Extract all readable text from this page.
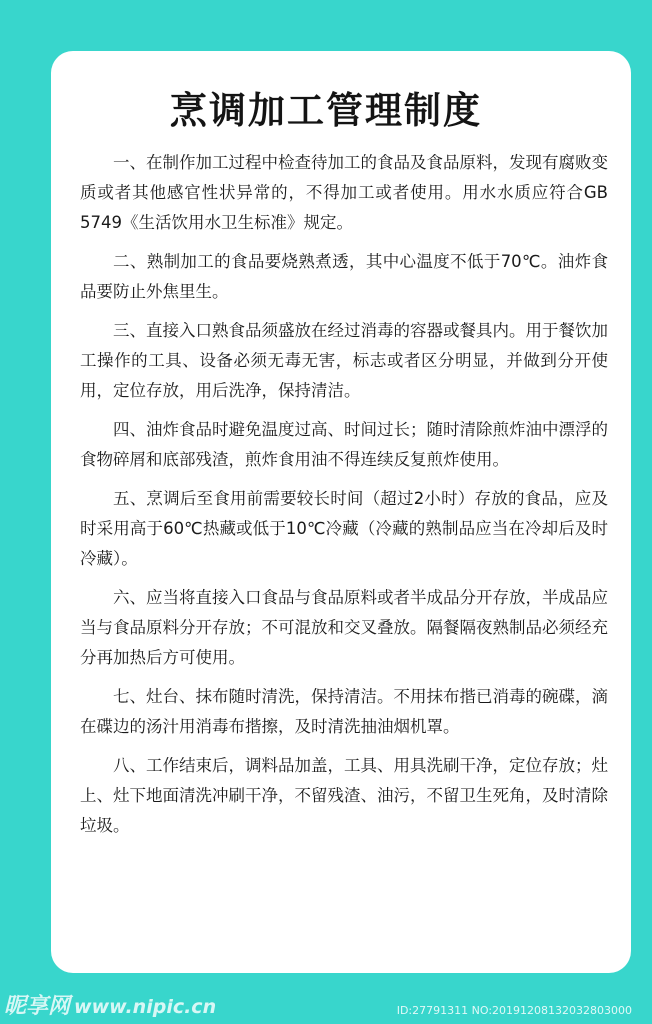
烹调加工管理制度

一、在制作加工过程中检查待加工的食品及食品原料，发现有腐败变质或者其他感官性状异常的，不得加工或者使用。用水水质应符合GB 5749《生活饮用水卫生标准》规定。

二、熟制加工的食品要烧熟煮透，其中心温度不低于70℃。油炸食品要防止外焦里生。

三、直接入口熟食品须盛放在经过消毒的容器或餐具内。用于餐饮加工操作的工具、设备必须无毒无害，标志或者区分明显，并做到分开使用，定位存放，用后洗净，保持清洁。

四、油炸食品时避免温度过高、时间过长；随时清除煎炸油中漂浮的食物碎屑和底部残渣，煎炸食用油不得连续反复煎炸使用。

五、烹调后至食用前需要较长时间（超过2小时）存放的食品，应及时采用高于60℃热藏或低于10℃冷藏（冷藏的熟制品应当在冷却后及时冷藏）。

六、应当将直接入口食品与食品原料或者半成品分开存放，半成品应当与食品原料分开存放；不可混放和交叉叠放。隔餐隔夜熟制品必须经充分再加热后方可使用。

七、灶台、抹布随时清洗，保持清洁。不用抹布揩已消毒的碗碟，滴在碟边的汤汁用消毒布揩擦，及时清洗抽油烟机罩。

八、工作结束后，调料品加盖，工具、用具洗刷干净，定位存放；灶上、灶下地面清洗冲刷干净，不留残渣、油污，不留卫生死角，及时清除垃圾。

昵享网 www.nipic.cn	ID:27791311 NO:20191208132032803000
